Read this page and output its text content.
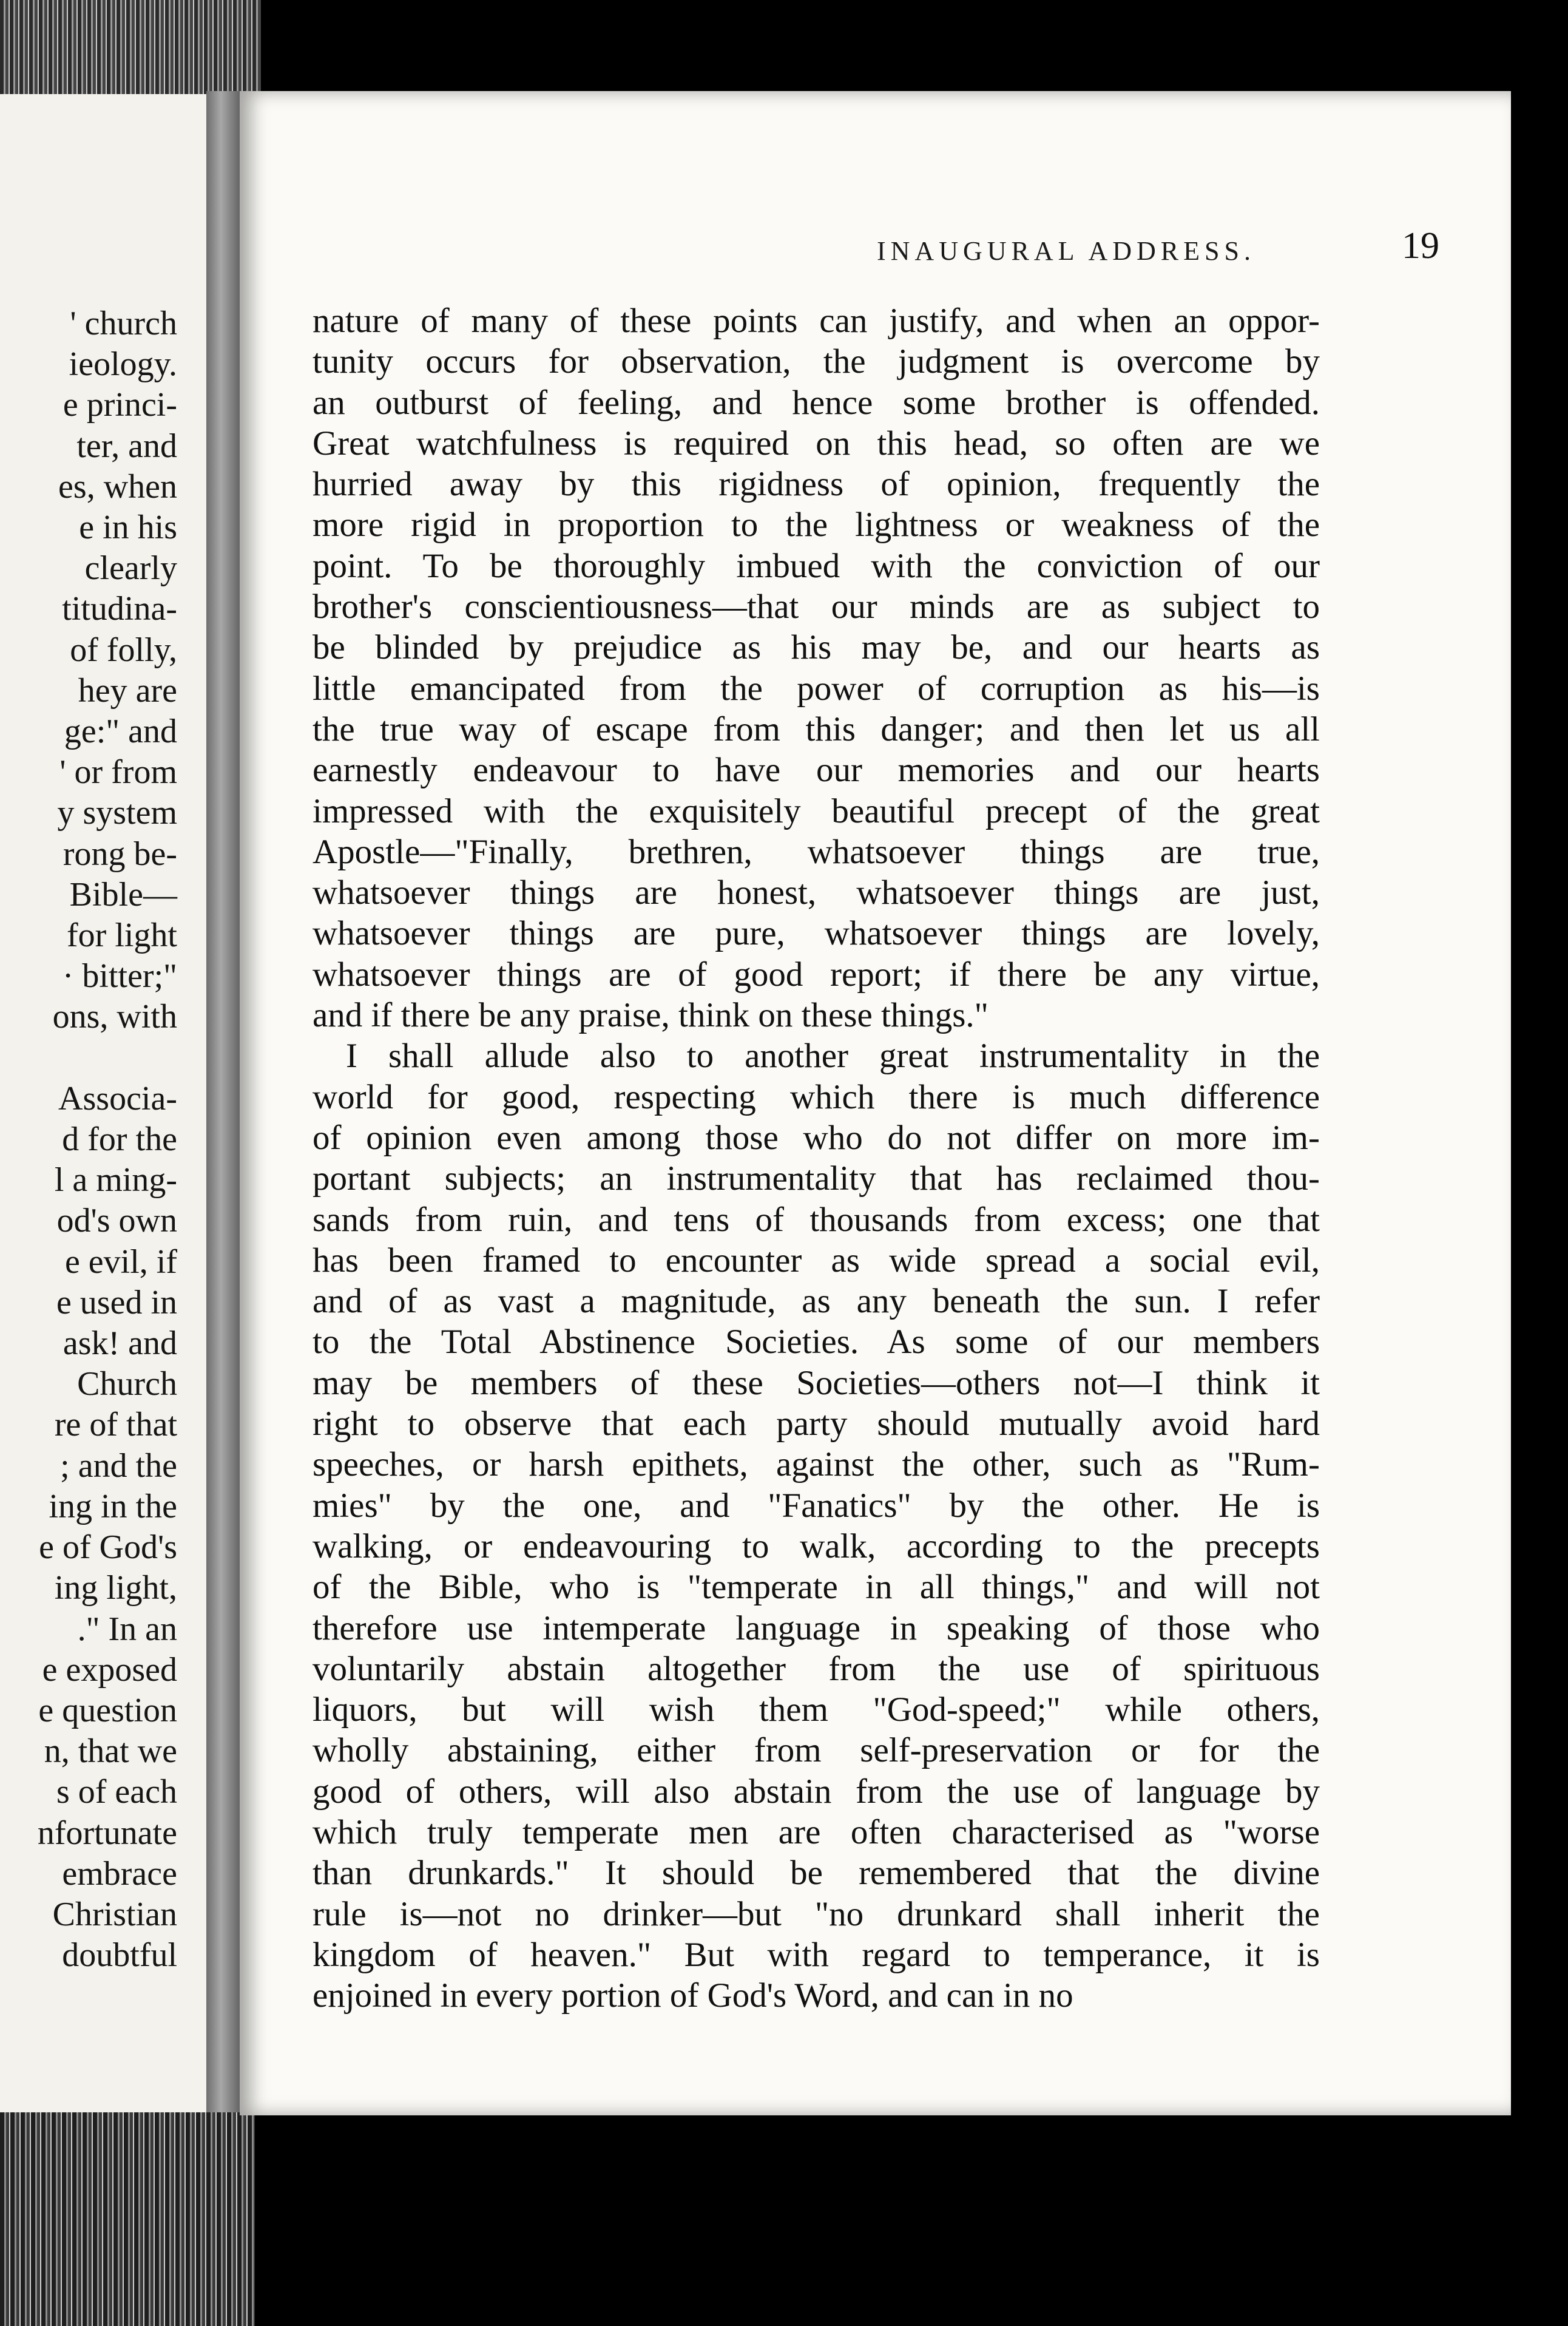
' church
ieology.
e princi-
ter, and
es, when
e in his
clearly
titudina-
of folly,
hey are
ge:" and
' or from
y system
rong be-
Bible—
for light
· bitter;"
ons, with

Associa-
d for the
l a ming-
od's own
e evil, if
e used in
ask! and
Church
re of that
; and the
ing in the
e of God's
ing light,
." In an
e exposed
e question
n, that we
s of each
nfortunate
embrace
Christian
doubtful
INAUGURAL ADDRESS.	19
nature of many of these points can justify, and when an oppor-
tunity occurs for observation, the judgment is overcome by
an outburst of feeling, and hence some brother is offended.
Great watchfulness is required on this head, so often are we
hurried away by this rigidness of opinion, frequently the
more rigid in proportion to the lightness or weakness of the
point. To be thoroughly imbued with the conviction of our
brother's conscientiousness—that our minds are as subject to
be blinded by prejudice as his may be, and our hearts as
little emancipated from the power of corruption as his—is
the true way of escape from this danger; and then let us all
earnestly endeavour to have our memories and our hearts
impressed with the exquisitely beautiful precept of the great
Apostle—"Finally, brethren, whatsoever things are true,
whatsoever things are honest, whatsoever things are just,
whatsoever things are pure, whatsoever things are lovely,
whatsoever things are of good report; if there be any virtue,
and if there be any praise, think on these things."
I shall allude also to another great instrumentality in the
world for good, respecting which there is much difference
of opinion even among those who do not differ on more im-
portant subjects; an instrumentality that has reclaimed thou-
sands from ruin, and tens of thousands from excess; one that
has been framed to encounter as wide spread a social evil,
and of as vast a magnitude, as any beneath the sun. I refer
to the Total Abstinence Societies. As some of our members
may be members of these Societies—others not—I think it
right to observe that each party should mutually avoid hard
speeches, or harsh epithets, against the other, such as "Rum-
mies" by the one, and "Fanatics" by the other. He is
walking, or endeavouring to walk, according to the precepts
of the Bible, who is "temperate in all things," and will not
therefore use intemperate language in speaking of those who
voluntarily abstain altogether from the use of spirituous
liquors, but will wish them "God-speed;" while others,
wholly abstaining, either from self-preservation or for the
good of others, will also abstain from the use of language by
which truly temperate men are often characterised as "worse
than drunkards." It should be remembered that the divine
rule is—not no drinker—but "no drunkard shall inherit the
kingdom of heaven." But with regard to temperance, it is
enjoined in every portion of God's Word, and can in no
